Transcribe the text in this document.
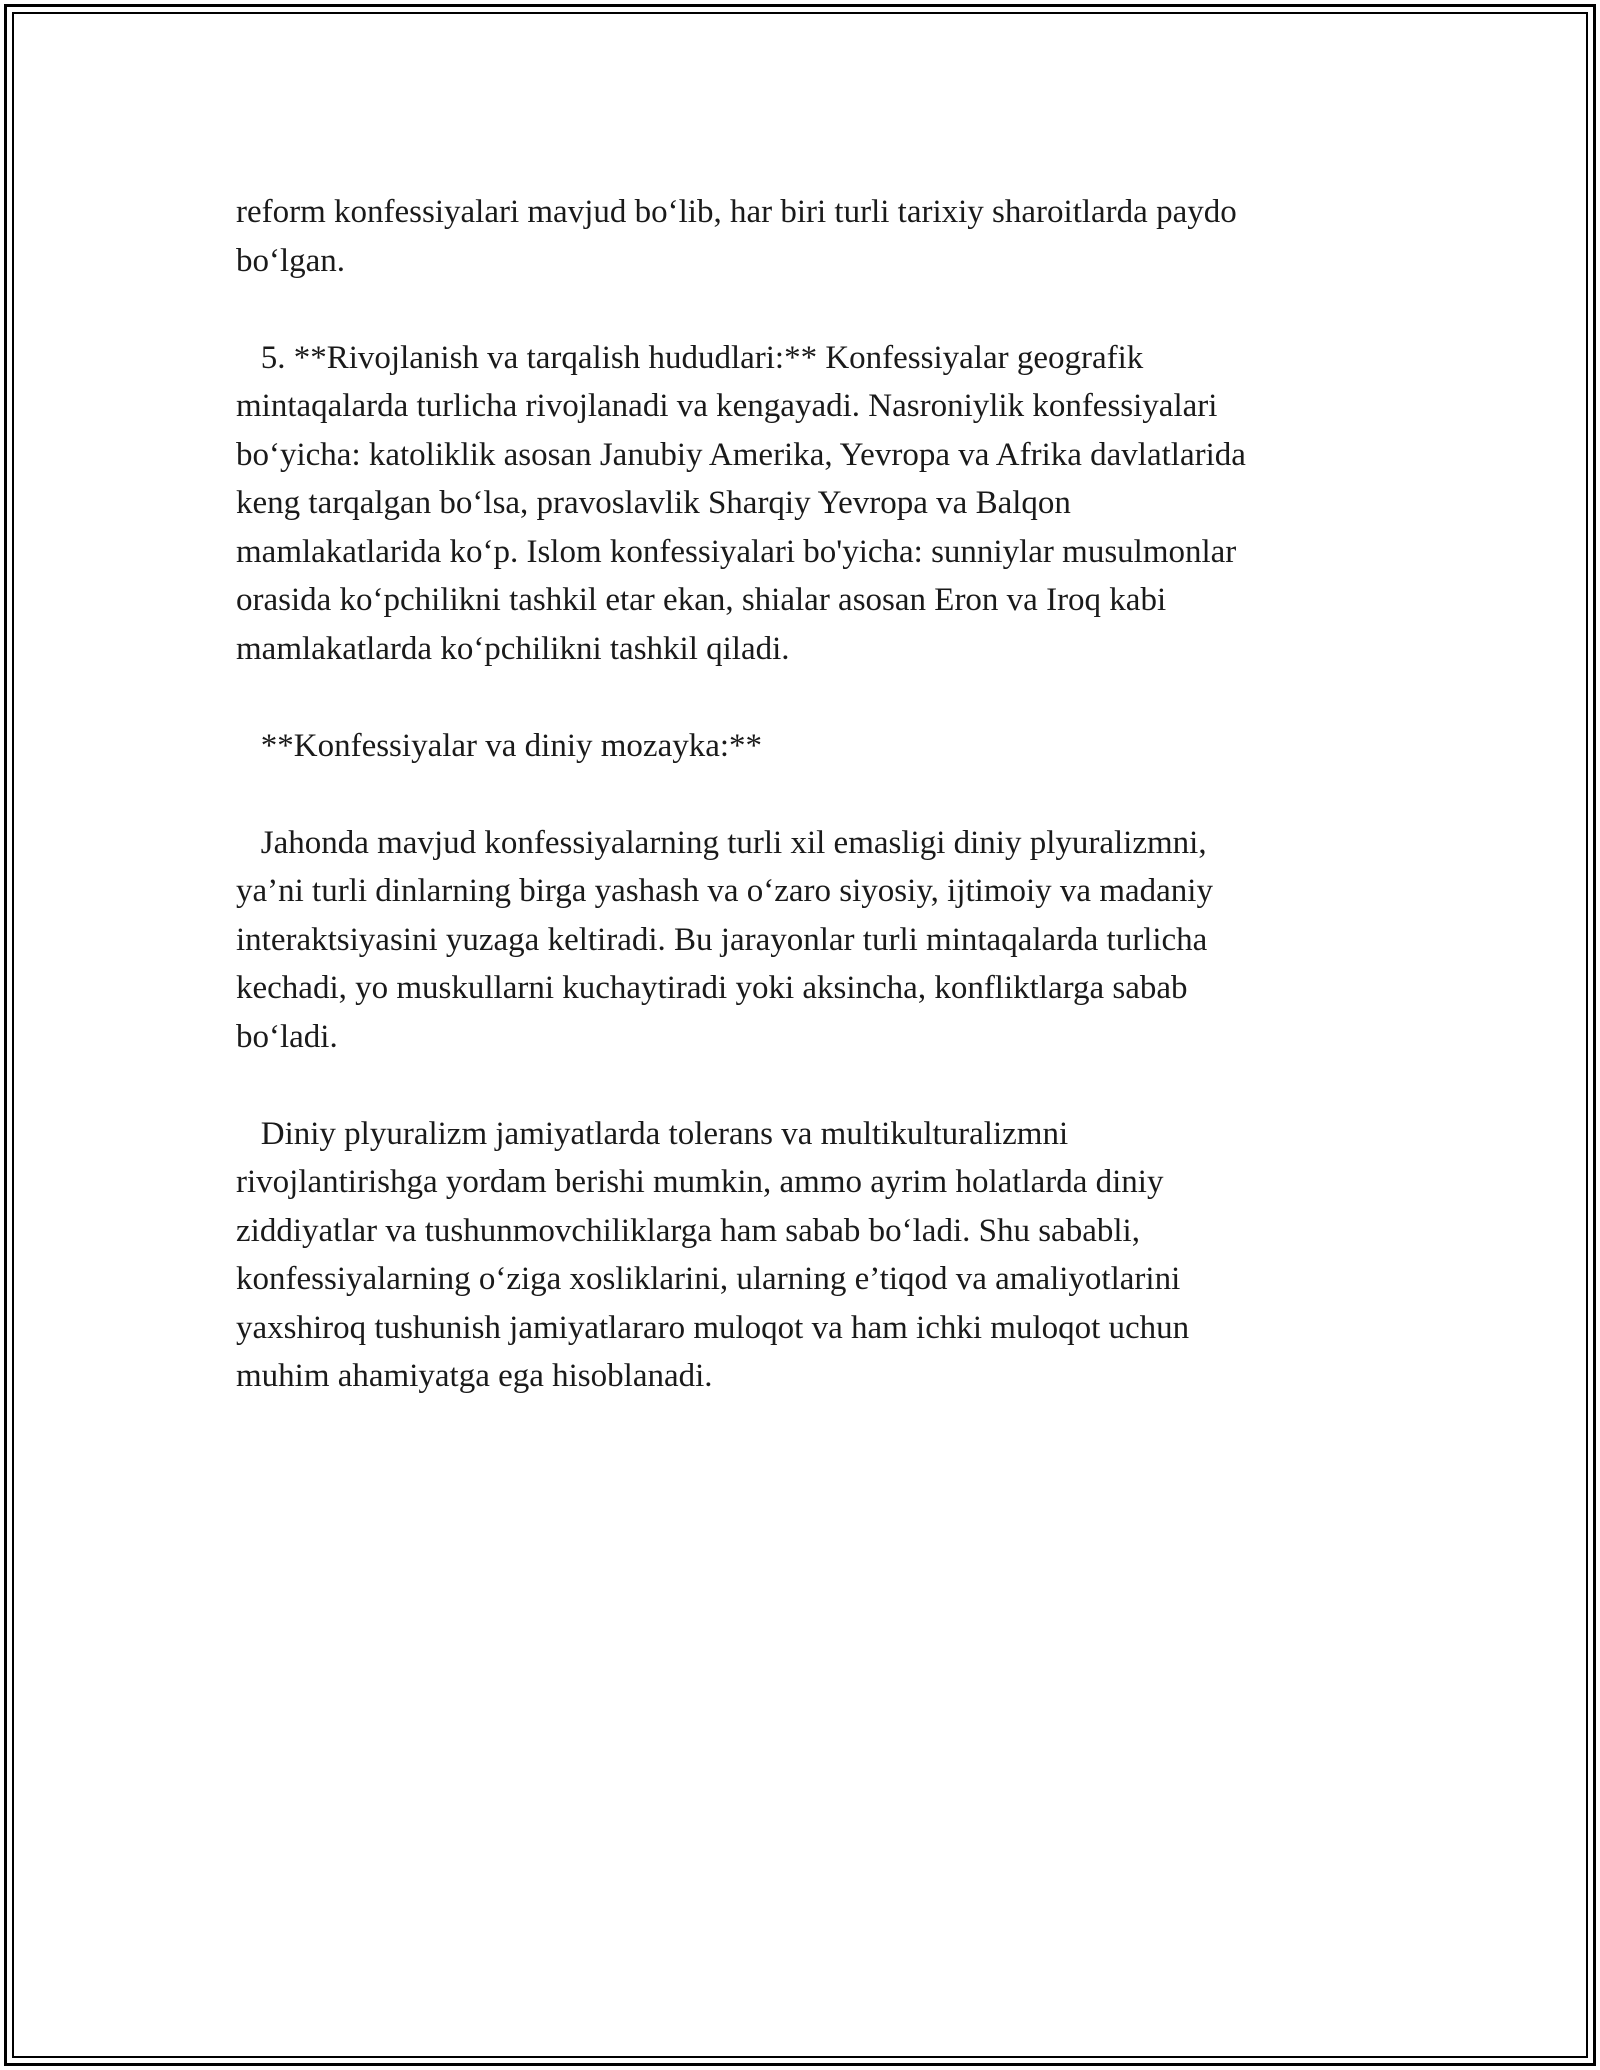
reform konfessiyalari mavjud bo‘lib, har biri turli tarixiy sharoitlarda paydo
bo‘lgan.

5. **Rivojlanish va tarqalish hududlari:** Konfessiyalar geografik
mintaqalarda turlicha rivojlanadi va kengayadi. Nasroniylik konfessiyalari
bo‘yicha: katoliklik asosan Janubiy Amerika, Yevropa va Afrika davlatlarida
keng tarqalgan bo‘lsa, pravoslavlik Sharqiy Yevropa va Balqon
mamlakatlarida ko‘p. Islom konfessiyalari bo'yicha: sunniylar musulmonlar
orasida ko‘pchilikni tashkil etar ekan, shialar asosan Eron va Iroq kabi
mamlakatlarda ko‘pchilikni tashkil qiladi.

**Konfessiyalar va diniy mozayka:**

Jahonda mavjud konfessiyalarning turli xil emasligi diniy plyuralizmni,
ya’ni turli dinlarning birga yashash va o‘zaro siyosiy, ijtimoiy va madaniy
interaktsiyasini yuzaga keltiradi. Bu jarayonlar turli mintaqalarda turlicha
kechadi, yo muskullarni kuchaytiradi yoki aksincha, konfliktlarga sabab
bo‘ladi.

Diniy plyuralizm jamiyatlarda tolerans va multikulturalizmni
rivojlantirishga yordam berishi mumkin, ammo ayrim holatlarda diniy
ziddiyatlar va tushunmovchiliklarga ham sabab bo‘ladi. Shu sababli,
konfessiyalarning o‘ziga xosliklarini, ularning e’tiqod va amaliyotlarini
yaxshiroq tushunish jamiyatlararo muloqot va ham ichki muloqot uchun
muhim ahamiyatga ega hisoblanadi.
